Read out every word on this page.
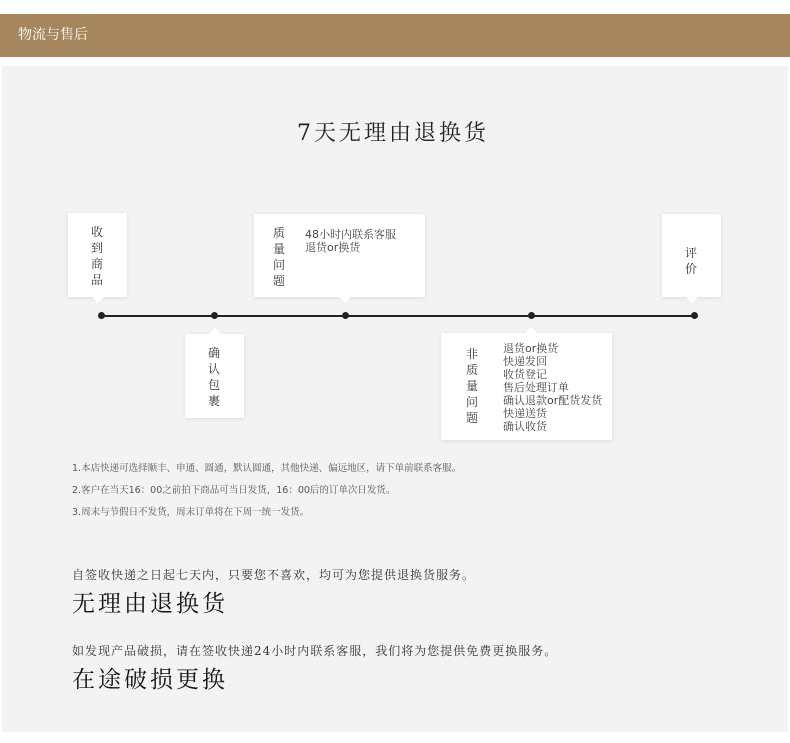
物流与售后
7天无理由退换货
收到商品
确认包裹
质量问题
48小时内联系客服
退货or换货
非质量问题
退货or换货
快递发回
收货登记
售后处理订单
确认退款or配货发货
快递送货
确认收货
评价
1.本店快递可选择顺丰、申通、圆通，默认圆通，其他快递、偏远地区，请下单前联系客服。
2.客户在当天16：00之前拍下商品可当日发货，16：00后的订单次日发货。
3.周末与节假日不发货，周末订单将在下周一统一发货。
自签收快递之日起七天内，只要您不喜欢，均可为您提供退换货服务。
无理由退换货
如发现产品破损，请在签收快递24小时内联系客服，我们将为您提供免费更换服务。
在途破损更换
